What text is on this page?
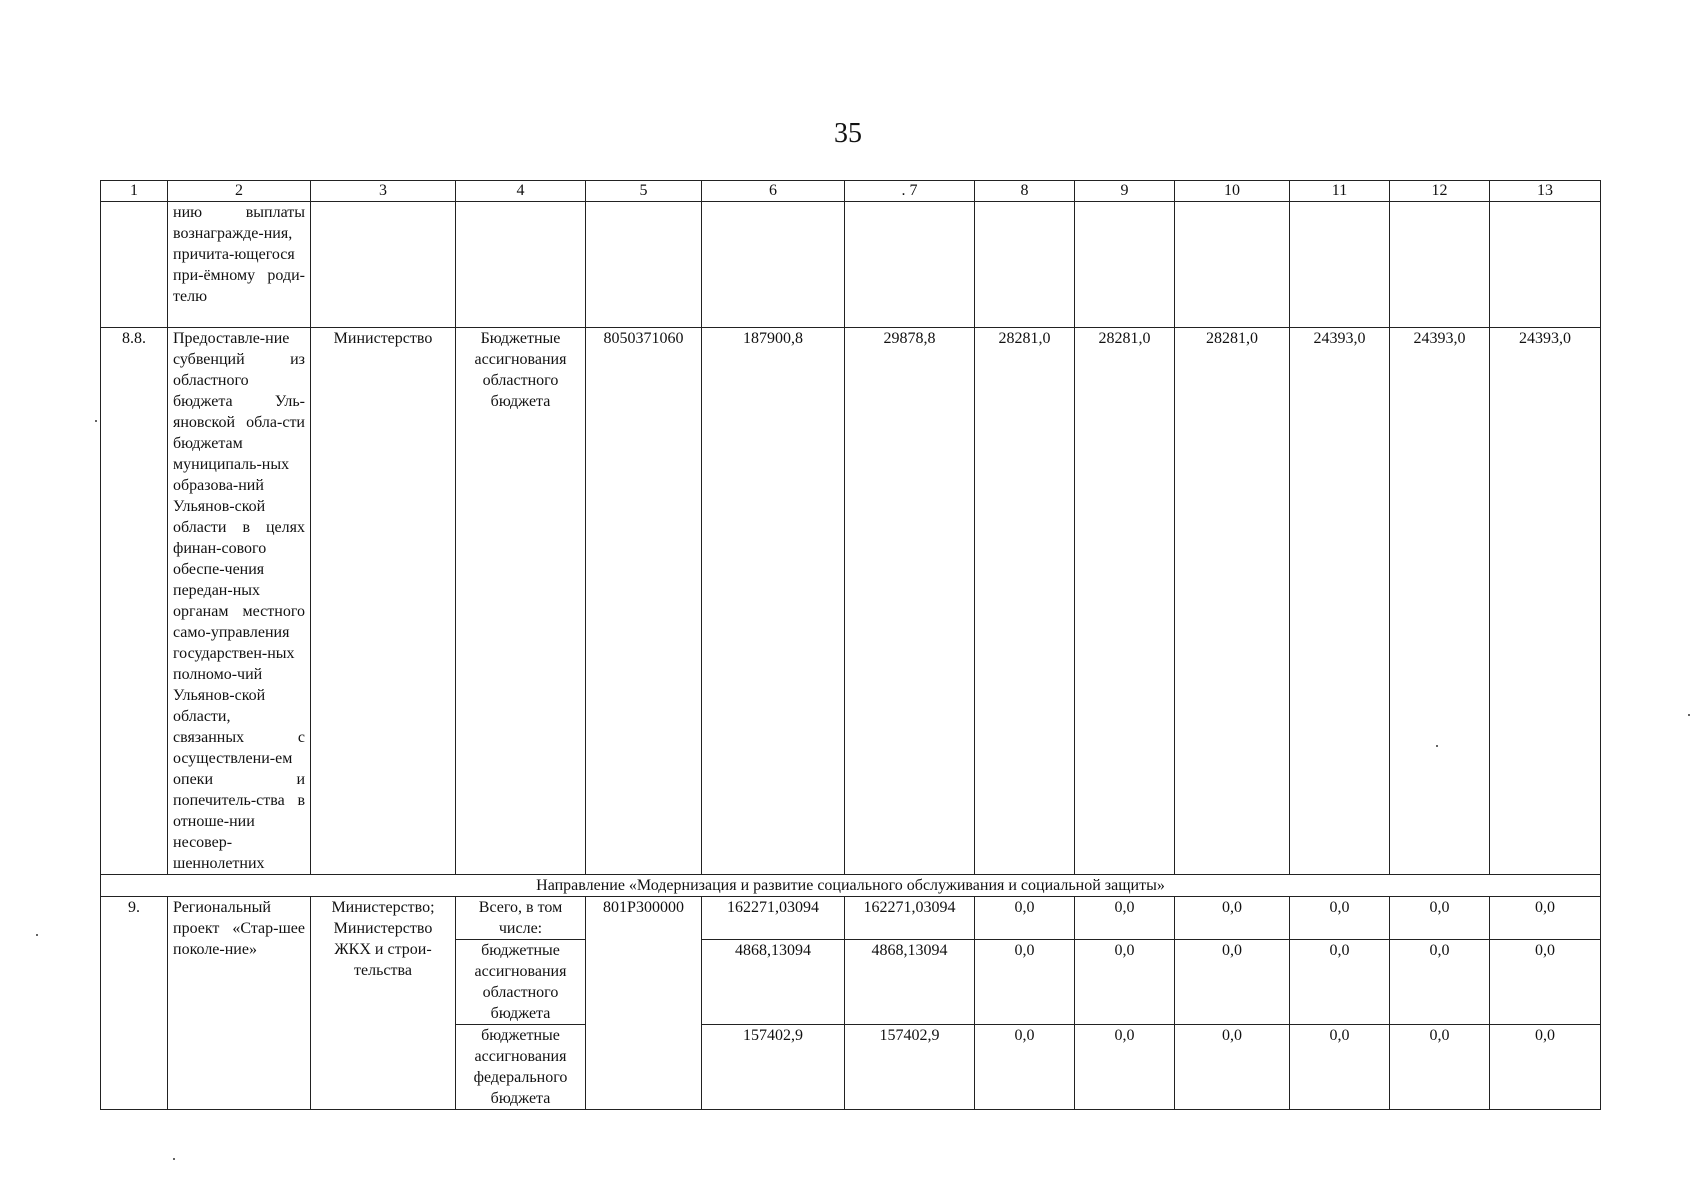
35
1	2	3	4	5	6	. 7	8	9	10	11	12	13
	нию выплаты вознагражде-ния, причита-ющегося при-ёмному роди-телю											
8.8.	Предоставле-ние субвенций из областного бюджета Уль-яновской обла-сти бюджетам муниципаль-ных образова-ний Ульянов-ской области в целях финан-сового обеспе-чения передан-ных органам местного само-управления государствен-ных полномо-чий Ульянов-ской области, связанных с осуществлени-ем опеки и попечитель-ства в отноше-нии несовер-шеннолетних	Министерство	Бюджетные ассигнования областного бюджета	8050371060	187900,8	29878,8	28281,0	28281,0	28281,0	24393,0	24393,0	24393,0
Направление «Модернизация и развитие социального обслуживания и социальной защиты»												
9.	Региональный проект «Стар-шее поколе-ние»	Министерство; Министерство ЖКХ и строи-тельства	Всего, в том числе:	801P300000	162271,03094	162271,03094	0,0	0,0	0,0	0,0	0,0	0,0
			бюджетные ассигнования областного бюджета		4868,13094	4868,13094	0,0	0,0	0,0	0,0	0,0	0,0
			бюджетные ассигнования федерального бюджета		157402,9	157402,9	0,0	0,0	0,0	0,0	0,0	0,0
